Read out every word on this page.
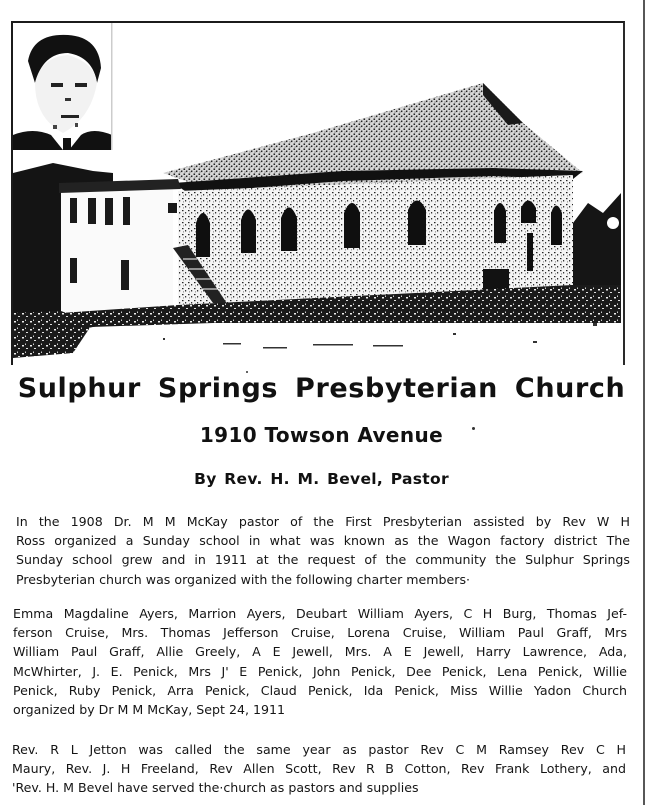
Sulphur Springs Presbyterian Church
1910 Towson Avenue
By Rev. H. M. Bevel, Pastor
In the 1908 Dr. M M McKay pastor of the First Presbyterian assisted by Rev W H
Ross organized a Sunday school in what was known as the Wagon factory district The
Sunday school grew and in 1911 at the request of the community the Sulphur Springs
Presbyterian church was organized with the following charter members·
Emma Magdaline Ayers, Marrion Ayers, Deubart William Ayers, C H Burg, Thomas Jef-
ferson Cruise, Mrs. Thomas Jefferson Cruise, Lorena Cruise, William Paul Graff, Mrs
William Paul Graff, Allie Greely, A E Jewell, Mrs. A E Jewell, Harry Lawrence, Ada,
McWhirter, J. E. Penick, Mrs J' E Penick, John Penick, Dee Penick, Lena Penick, Willie
Penick, Ruby Penick, Arra Penick, Claud Penick, Ida Penick, Miss Willie Yadon Church
organized by Dr M M McKay, Sept 24, 1911
Rev. R L Jetton was called the same year as pastor Rev C M Ramsey Rev C H
Maury, Rev. J. H Freeland, Rev Allen Scott, Rev R B Cotton, Rev Frank Lothery, and
'Rev. H. M Bevel have served the·church as pastors and supplies
